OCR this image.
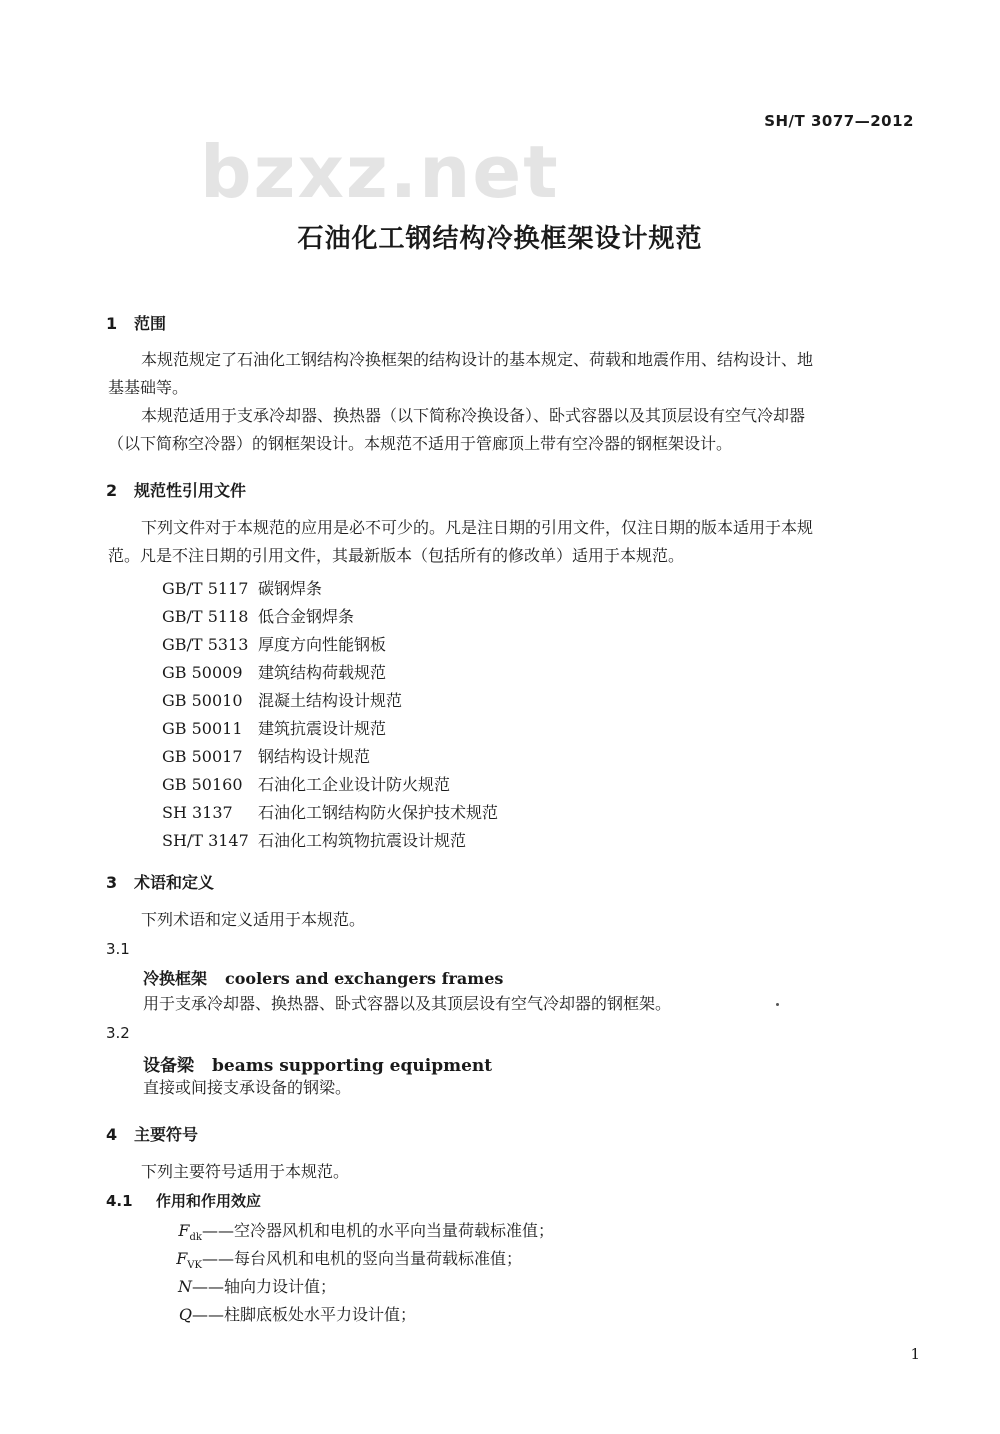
bzxz.net
SH/T 3077—2012
石油化工钢结构冷换框架设计规范
1 范围
本规范规定了石油化工钢结构冷换框架的结构设计的基本规定、荷载和地震作用、结构设计、地
基基础等。
本规范适用于支承冷却器、换热器（以下简称冷换设备）、卧式容器以及其顶层设有空气冷却器
（以下简称空冷器）的钢框架设计。本规范不适用于管廊顶上带有空冷器的钢框架设计。
2 规范性引用文件
下列文件对于本规范的应用是必不可少的。凡是注日期的引用文件，仅注日期的版本适用于本规
范。凡是不注日期的引用文件，其最新版本（包括所有的修改单）适用于本规范。
GB/T 5117 碳钢焊条
GB/T 5118 低合金钢焊条
GB/T 5313 厚度方向性能钢板
GB 50009 建筑结构荷载规范
GB 50010 混凝土结构设计规范
GB 50011 建筑抗震设计规范
GB 50017 钢结构设计规范
GB 50160 石油化工企业设计防火规范
SH 3137 石油化工钢结构防火保护技术规范
SH/T 3147 石油化工构筑物抗震设计规范
3 术语和定义
下列术语和定义适用于本规范。
3.1
冷换框架 coolers and exchangers frames
用于支承冷却器、换热器、卧式容器以及其顶层设有空气冷却器的钢框架。
3.2
设备梁 beams supporting equipment
直接或间接支承设备的钢梁。
4 主要符号
下列主要符号适用于本规范。
4.1 作用和作用效应
$F_{dk}——$空冷器风机和电机的水平向当量荷载标准值；
$F_{VK}——$每台风机和电机的竖向当量荷载标准值；
N——轴向力设计值；
Q——柱脚底板处水平力设计值；
1
